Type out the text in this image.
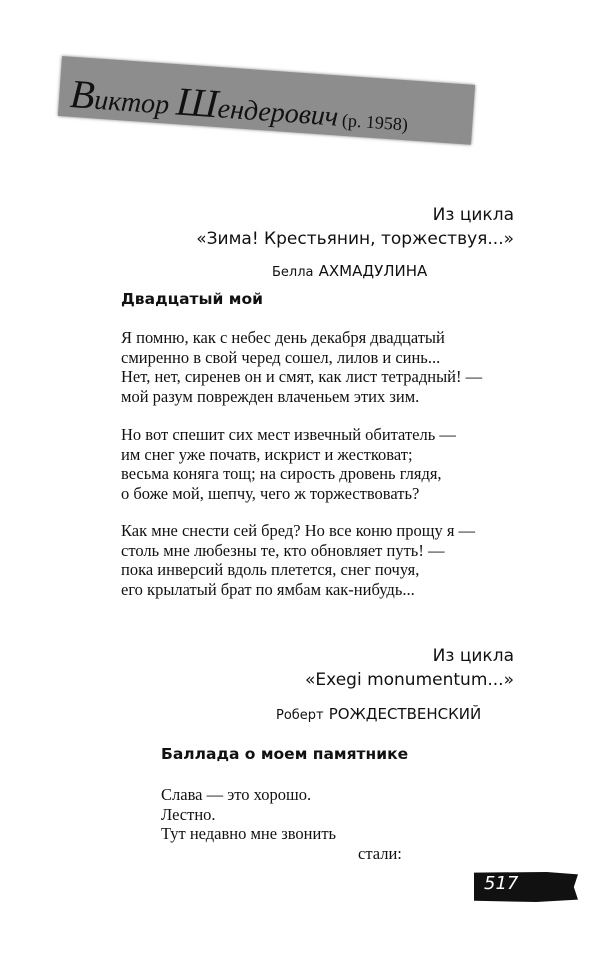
Виктор Шендерович (р. 1958)
Из цикла
«Зима! Крестьянин, торжествуя...»
Белла АХМАДУЛИНА
Двадцатый мой
Я помню, как с небес день декабря двадцатый
смиренно в свой черед сошел, лилов и синь...
Нет, нет, сиренев он и смят, как лист тетрадный! —
мой разум поврежден влаченьем этих зим.
Но вот спешит сих мест извечный обитатель —
им снег уже початв, искрист и жестковат;
весьма коняга тощ; на сирость дровень глядя,
о боже мой, шепчу, чего ж торжествовать?
Как мне снести сей бред? Но все коню прощу я —
столь мне любезны те, кто обновляет путь! —
пока инверсий вдоль плетется, снег почуя,
его крылатый брат по ямбам как-нибудь...
Из цикла
«Exegi monumentum...»
Роберт РОЖДЕСТВЕНСКИЙ
Баллада о моем памятнике
Слава — это хорошо.
Лестно.
Тут недавно мне звонить
стали:
517
